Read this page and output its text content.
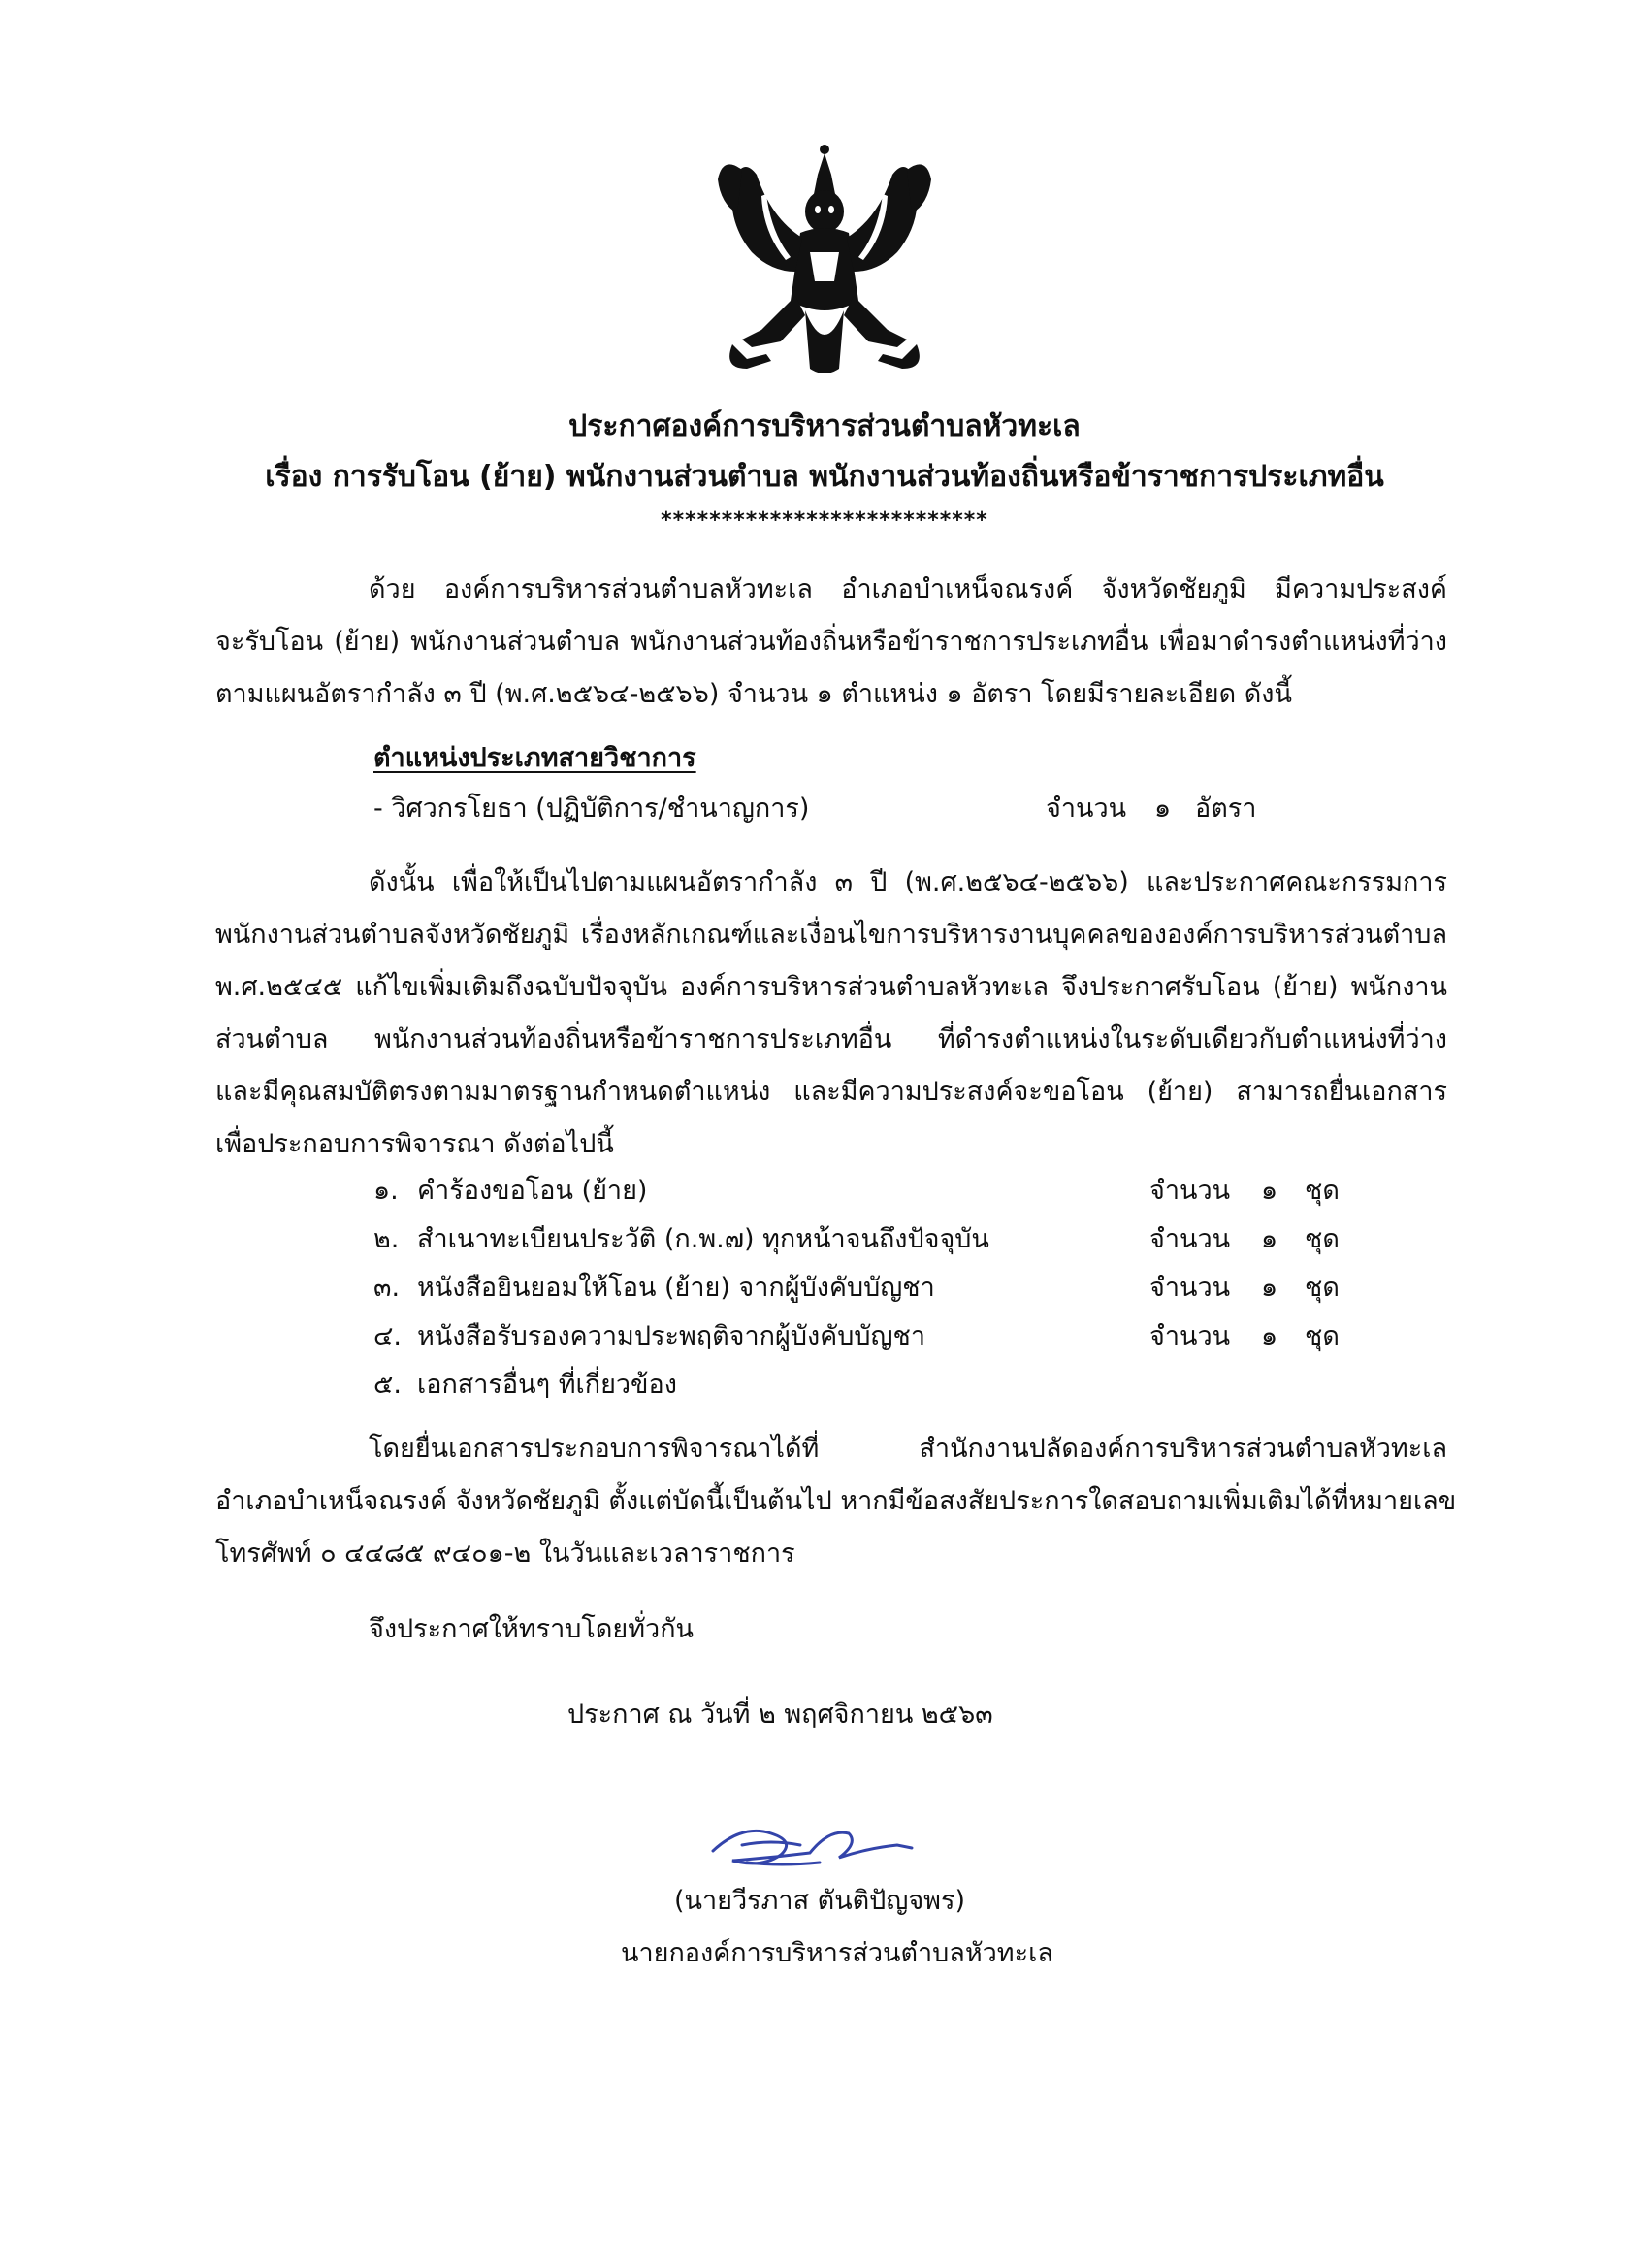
ประกาศองค์การบริหารส่วนตำบลหัวทะเล
เรื่อง การรับโอน (ย้าย) พนักงานส่วนตำบล พนักงานส่วนท้องถิ่นหรือข้าราชการประเภทอื่น
***************************
ด้วย องค์การบริหารส่วนตำบลหัวทะเล อำเภอบำเหน็จณรงค์ จังหวัดชัยภูมิ มีความประสงค์
จะรับโอน (ย้าย) พนักงานส่วนตำบล พนักงานส่วนท้องถิ่นหรือข้าราชการประเภทอื่น เพื่อมาดำรงตำแหน่งที่ว่าง
ตามแผนอัตรากำลัง ๓ ปี (พ.ศ.๒๕๖๔-๒๕๖๖) จำนวน ๑ ตำแหน่ง ๑ อัตรา โดยมีรายละเอียด ดังนี้
ตำแหน่งประเภทสายวิชาการ
- วิศวกรโยธา (ปฏิบัติการ/ชำนาญการ)	จำนวน ๑ อัตรา
ดังนั้น เพื่อให้เป็นไปตามแผนอัตรากำลัง ๓ ปี (พ.ศ.๒๕๖๔-๒๕๖๖) และประกาศคณะกรรมการ
พนักงานส่วนตำบลจังหวัดชัยภูมิ เรื่องหลักเกณฑ์และเงื่อนไขการบริหารงานบุคคลขององค์การบริหารส่วนตำบล
พ.ศ.๒๕๔๕ แก้ไขเพิ่มเติมถึงฉบับปัจจุบัน องค์การบริหารส่วนตำบลหัวทะเล จึงประกาศรับโอน (ย้าย) พนักงาน
ส่วนตำบล พนักงานส่วนท้องถิ่นหรือข้าราชการประเภทอื่น ที่ดำรงตำแหน่งในระดับเดียวกับตำแหน่งที่ว่าง
และมีคุณสมบัติตรงตามมาตรฐานกำหนดตำแหน่ง และมีความประสงค์จะขอโอน (ย้าย) สามารถยื่นเอกสาร
เพื่อประกอบการพิจารณา ดังต่อไปนี้
๑. คำร้องขอโอน (ย้าย)	จำนวน ๑ ชุด
๒. สำเนาทะเบียนประวัติ (ก.พ.๗) ทุกหน้าจนถึงปัจจุบัน	จำนวน ๑ ชุด
๓. หนังสือยินยอมให้โอน (ย้าย) จากผู้บังคับบัญชา	จำนวน ๑ ชุด
๔. หนังสือรับรองความประพฤติจากผู้บังคับบัญชา	จำนวน ๑ ชุด
๕. เอกสารอื่นๆ ที่เกี่ยวข้อง
โดยยื่นเอกสารประกอบการพิจารณาได้ที่ สำนักงานปลัดองค์การบริหารส่วนตำบลหัวทะเล
อำเภอบำเหน็จณรงค์ จังหวัดชัยภูมิ ตั้งแต่บัดนี้เป็นต้นไป หากมีข้อสงสัยประการใดสอบถามเพิ่มเติมได้ที่หมายเลข
โทรศัพท์ ๐ ๔๔๘๕ ๙๔๐๑-๒ ในวันและเวลาราชการ
จึงประกาศให้ทราบโดยทั่วกัน
ประกาศ ณ วันที่ ๒ พฤศจิกายน ๒๕๖๓
(นายวีรภาส ตันติปัญจพร)
นายกองค์การบริหารส่วนตำบลหัวทะเล
